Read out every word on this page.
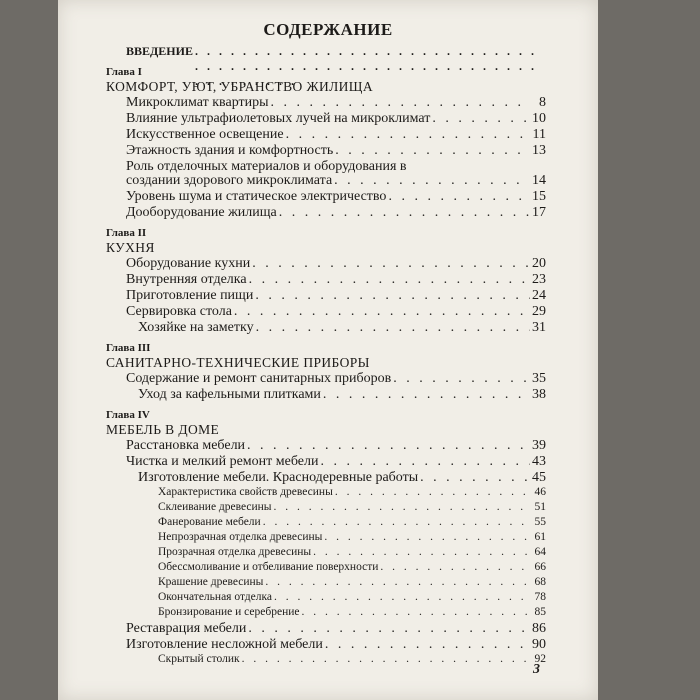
СОДЕРЖАНИЕ
ВВЕДЕНИЕ
. . .
Глава I
КОМФОРТ, УЮТ, УБРАНСТВО ЖИЛИЩА
Микроклимат квартиры . . .	8
Влияние ультрафиолетовых лучей на микроклимат . . .	10
Искусственное освещение . . .	11
Этажность здания и комфортность . . .	13
Роль отделочных материалов и оборудования в
создании здорового микроклимата . . .	14
Уровень шума и статическое электричество . . .	15
Дооборудование жилища . . .	17
Глава II
КУХНЯ
Оборудование кухни . . .	20
Внутренняя отделка . . .	23
Приготовление пищи . . .	24
Сервировка стола . . .	29
Хозяйке на заметку . . .	31
Глава III
САНИТАРНО-ТЕХНИЧЕСКИЕ ПРИБОРЫ
Содержание и ремонт санитарных приборов . . .	35
Уход за кафельными плитками . . .	38
Глава IV
МЕБЕЛЬ В ДОМЕ
Расстановка мебели . . .	39
Чистка и мелкий ремонт мебели . . .	43
Изготовление мебели. Краснодеревные работы . . .	45
Характеристика свойств древесины . . .	46
Склеивание древесины . . .	51
Фанерование мебели . . .	55
Непрозрачная отделка древесины . . .	61
Прозрачная отделка древесины . . .	64
Обессмоливание и отбеливание поверхности . . .	66
Крашение древесины . . .	68
Окончательная отделка . . .	78
Бронзирование и серебрение . . .	85
Реставрация мебели . . .	86
Изготовление несложной мебели . . .	90
Скрытый столик . . .	92
3
